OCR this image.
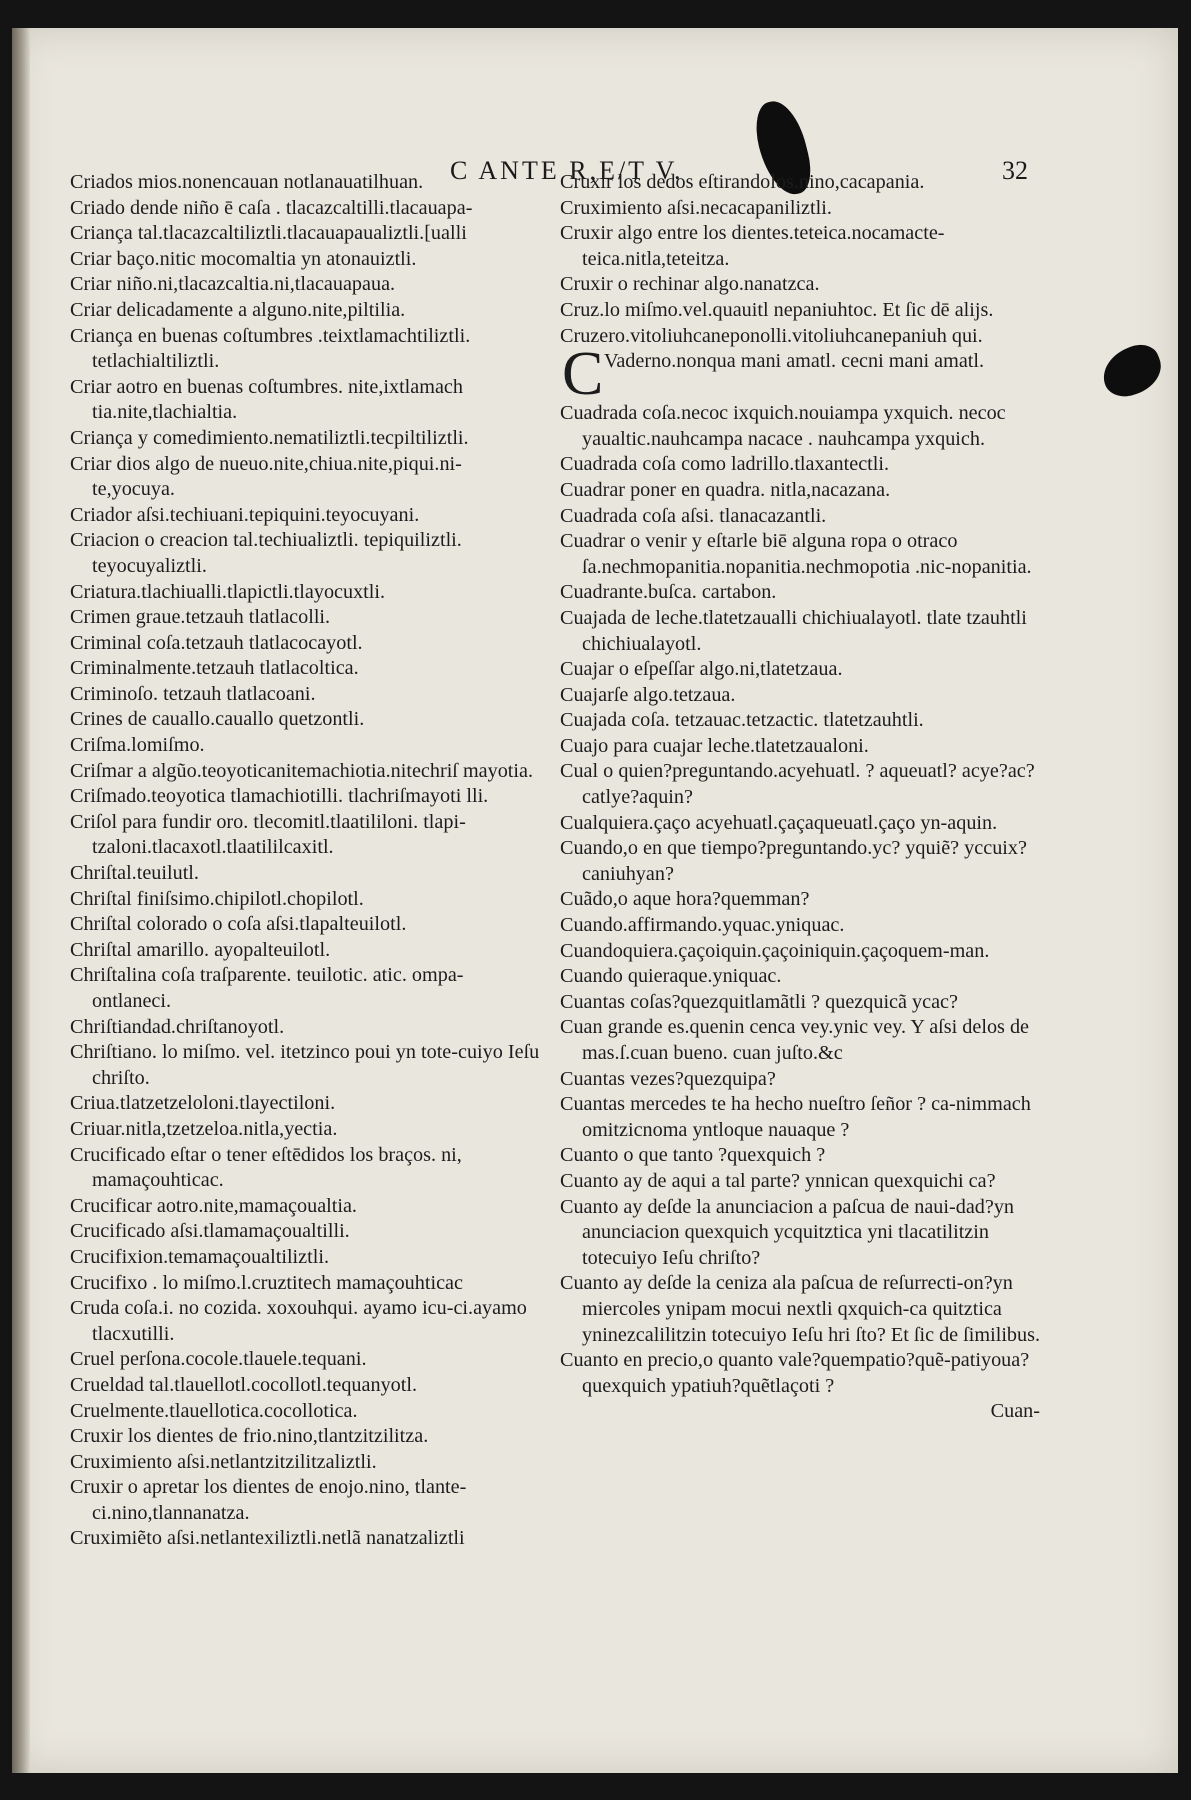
C ANTE R,E/T V.	32
Criados mios.nonencauan notlanauatilhuan.
Criado dende niño ē caſa . tlacazcaltilli.tlacauapa-
Criança tal.tlacazcaltiliztli.tlacauapaualiztli.[ualli
Criar baço.nitic mocomaltia yn atonauiztli.
Criar niño.ni,tlacazcaltia.ni,tlacauapaua.
Criar delicadamente a alguno.nite,piltilia.
Criança en buenas coſtumbres .teixtlamachtiliztli. tetlachialtiliztli.
Criar aotro en buenas coſtumbres. nite,ixtlamach tia.nite,tlachialtia.
Criança y comedimiento.nematiliztli.tecpiltiliztli.
Criar dios algo de nueuo.nite,chiua.nite,piqui.ni-te,yocuya.
Criador aſsi.techiuani.tepiquini.teyocuyani.
Criacion o creacion tal.techiualiztli. tepiquiliztli. teyocuyaliztli.
Criatura.tlachiualli.tlapictli.tlayocuxtli.
Crimen graue.tetzauh tlatlacolli.
Criminal coſa.tetzauh tlatlacocayotl.
Criminalmente.tetzauh tlatlacoltica.
Criminoſo. tetzauh tlatlacoani.
Crines de cauallo.cauallo quetzontli.
Criſma.lomiſmo.
Criſmar a algũo.teoyoticanitemachiotia.nitechriſ mayotia.
Criſmado.teoyotica tlamachiotilli. tlachriſmayoti lli.
Criſol para fundir oro. tlecomitl.tlaatililoni. tlapi-tzaloni.tlacaxotl.tlaatililcaxitl.
Chriſtal.teuilutl.
Chriſtal finiſsimo.chipilotl.chopilotl.
Chriſtal colorado o coſa aſsi.tlapalteuilotl.
Chriſtal amarillo. ayopalteuilotl.
Chriſtalina coſa traſparente. teuilotic. atic. ompa-ontlaneci.
Chriſtiandad.chriſtanoyotl.
Chriſtiano. lo miſmo. vel. itetzinco poui yn tote-cuiyo Ieſu chriſto.
Criua.tlatzetzeloloni.tlayectiloni.
Criuar.nitla,tzetzeloa.nitla,yectia.
Crucificado eſtar o tener eſtēdidos los braços. ni, mamaçouhticac.
Crucificar aotro.nite,mamaçoualtia.
Crucificado aſsi.tlamamaçoualtilli.
Crucifixion.temamaçoualtiliztli.
Crucifixo . lo miſmo.l.cruztitech mamaçouhticac
Cruda coſa.i. no cozida. xoxouhqui. ayamo icu-ci.ayamo tlacxutilli.
Cruel perſona.cocole.tlauele.tequani.
Crueldad tal.tlauellotl.cocollotl.tequanyotl.
Cruelmente.tlauellotica.cocollotica.
Cruxir los dientes de frio.nino,tlantzitzilitza.
Cruximiento aſsi.netlantzitzilitzaliztli.
Cruxir o apretar los dientes de enojo.nino, tlante-ci.nino,tlannanatza.
Cruximiẽto aſsi.netlantexiliztli.netlã nanatzaliztli
Cruxir los dedos eſtirandolos.nino,cacapania.
Cruximiento aſsi.necacapaniliztli.
Cruxir algo entre los dientes.teteica.nocamacte-teica.nitla,teteitza.
Cruxir o rechinar algo.nanatzca.
Cruz.lo miſmo.vel.quauitl nepaniuhtoc. Et ſic dē alijs.
Cruzero.vitoliuhcaneponolli.vitoliuhcanepaniuh qui.
C Vaderno.nonqua mani amatl. cecni mani amatl.
Cuadrada coſa.necoc ixquich.nouiampa yxquich. necoc yaualtic.nauhcampa nacace . nauhcampa yxquich.
Cuadrada coſa como ladrillo.tlaxantectli.
Cuadrar poner en quadra. nitla,nacazana.
Cuadrada coſa aſsi. tlanacazantli.
Cuadrar o venir y eſtarle biē alguna ropa o otraco ſa.nechmopanitia.nopanitia.nechmopotia .nic-nopanitia.
Cuadrante.buſca. cartabon.
Cuajada de leche.tlatetzaualli chichiualayotl. tlate tzauhtli chichiualayotl.
Cuajar o eſpeſſar algo.ni,tlatetzaua.
Cuajarſe algo.tetzaua.
Cuajada coſa. tetzauac.tetzactic. tlatetzauhtli.
Cuajo para cuajar leche.tlatetzaualoni.
Cual o quien?preguntando.acyehuatl. ? aqueuatl? acye?ac?catlye?aquin?
Cualquiera.çaço acyehuatl.çaçaqueuatl.çaço yn-aquin.
Cuando,o en que tiempo?preguntando.yc? yquiẽ? yccuix?caniuhyan?
Cuãdo,o aque hora?quemman?
Cuando.affirmando.yquac.yniquac.
Cuandoquiera.çaçoiquin.çaçoiniquin.çaçoquem-man.
Cuando quieraque.yniquac.
Cuantas coſas?quezquitlamãtli ? quezquicã ycac?
Cuan grande es.quenin cenca vey.ynic vey. Y aſsi delos de mas.ſ.cuan bueno. cuan juſto.&c
Cuantas vezes?quezquipa?
Cuantas mercedes te ha hecho nueſtro ſeñor ? ca-nimmach omitzicnoma yntloque nauaque ?
Cuanto o que tanto ?quexquich ?
Cuanto ay de aqui a tal parte? ynnican quexquichi ca?
Cuanto ay deſde la anunciacion a paſcua de naui-dad?yn anunciacion quexquich ycquitztica yni tlacatilitzin totecuiyo Ieſu chriſto?
Cuanto ay deſde la ceniza ala paſcua de reſurrecti-on?yn miercoles ynipam mocui nextli qxquich-ca quitztica yninezcalilitzin totecuiyo Ieſu hri ſto? Et ſic de ſimilibus.
Cuanto en precio,o quanto vale?quempatio?quẽ-patiyoua?quexquich ypatiuh?quẽtlaçoti ?
Cuan-
